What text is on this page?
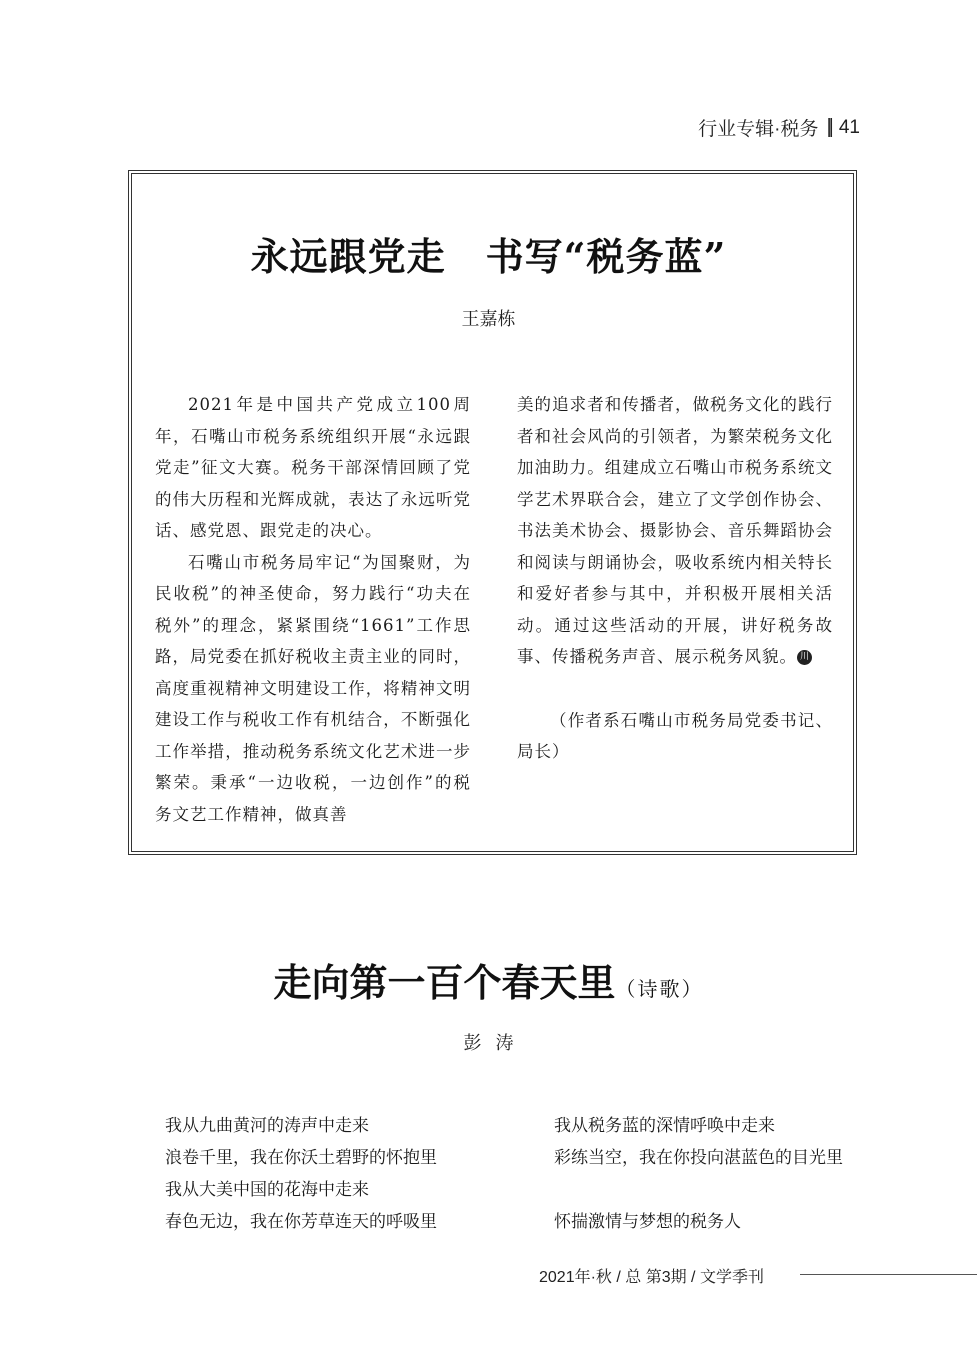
行业专辑·税务 || 41
永远跟党走 书写“税务蓝”
王嘉栋

2021年是中国共产党成立100周年，石嘴山市税务系统组织开展“永远跟党走”征文大赛。税务干部深情回顾了党的伟大历程和光辉成就，表达了永远听党话、感党恩、跟党走的决心。

石嘴山市税务局牢记“为国聚财，为民收税”的神圣使命，努力践行“功夫在税外”的理念，紧紧围绕“1661”工作思路，局党委在抓好税收主责主业的同时，高度重视精神文明建设工作，将精神文明建设工作与税收工作有机结合，不断强化工作举措，推动税务系统文化艺术进一步繁荣。秉承“一边收税，一边创作”的税务文艺工作精神，做真善

美的追求者和传播者，做税务文化的践行者和社会风尚的引领者，为繁荣税务文化加油助力。组建成立石嘴山市税务系统文学艺术界联合会，建立了文学创作协会、书法美术协会、摄影协会、音乐舞蹈协会和阅读与朗诵协会，吸收系统内相关特长和爱好者参与其中，并积极开展相关活动。通过这些活动的开展，讲好税务故事、传播税务声音、展示税务风貌。 川

（作者系石嘴山市税务局党委书记、局长）

走向第一百个春天里（诗歌）
彭涛
我从九曲黄河的涛声中走来
浪卷千里，我在你沃土碧野的怀抱里
我从大美中国的花海中走来
春色无边，我在你芳草连天的呼吸里
我从税务蓝的深情呼唤中走来
彩练当空，我在你投向湛蓝色的目光里
怀揣激情与梦想的税务人
2021年·秋 / 总 第3期 / 文学季刊
